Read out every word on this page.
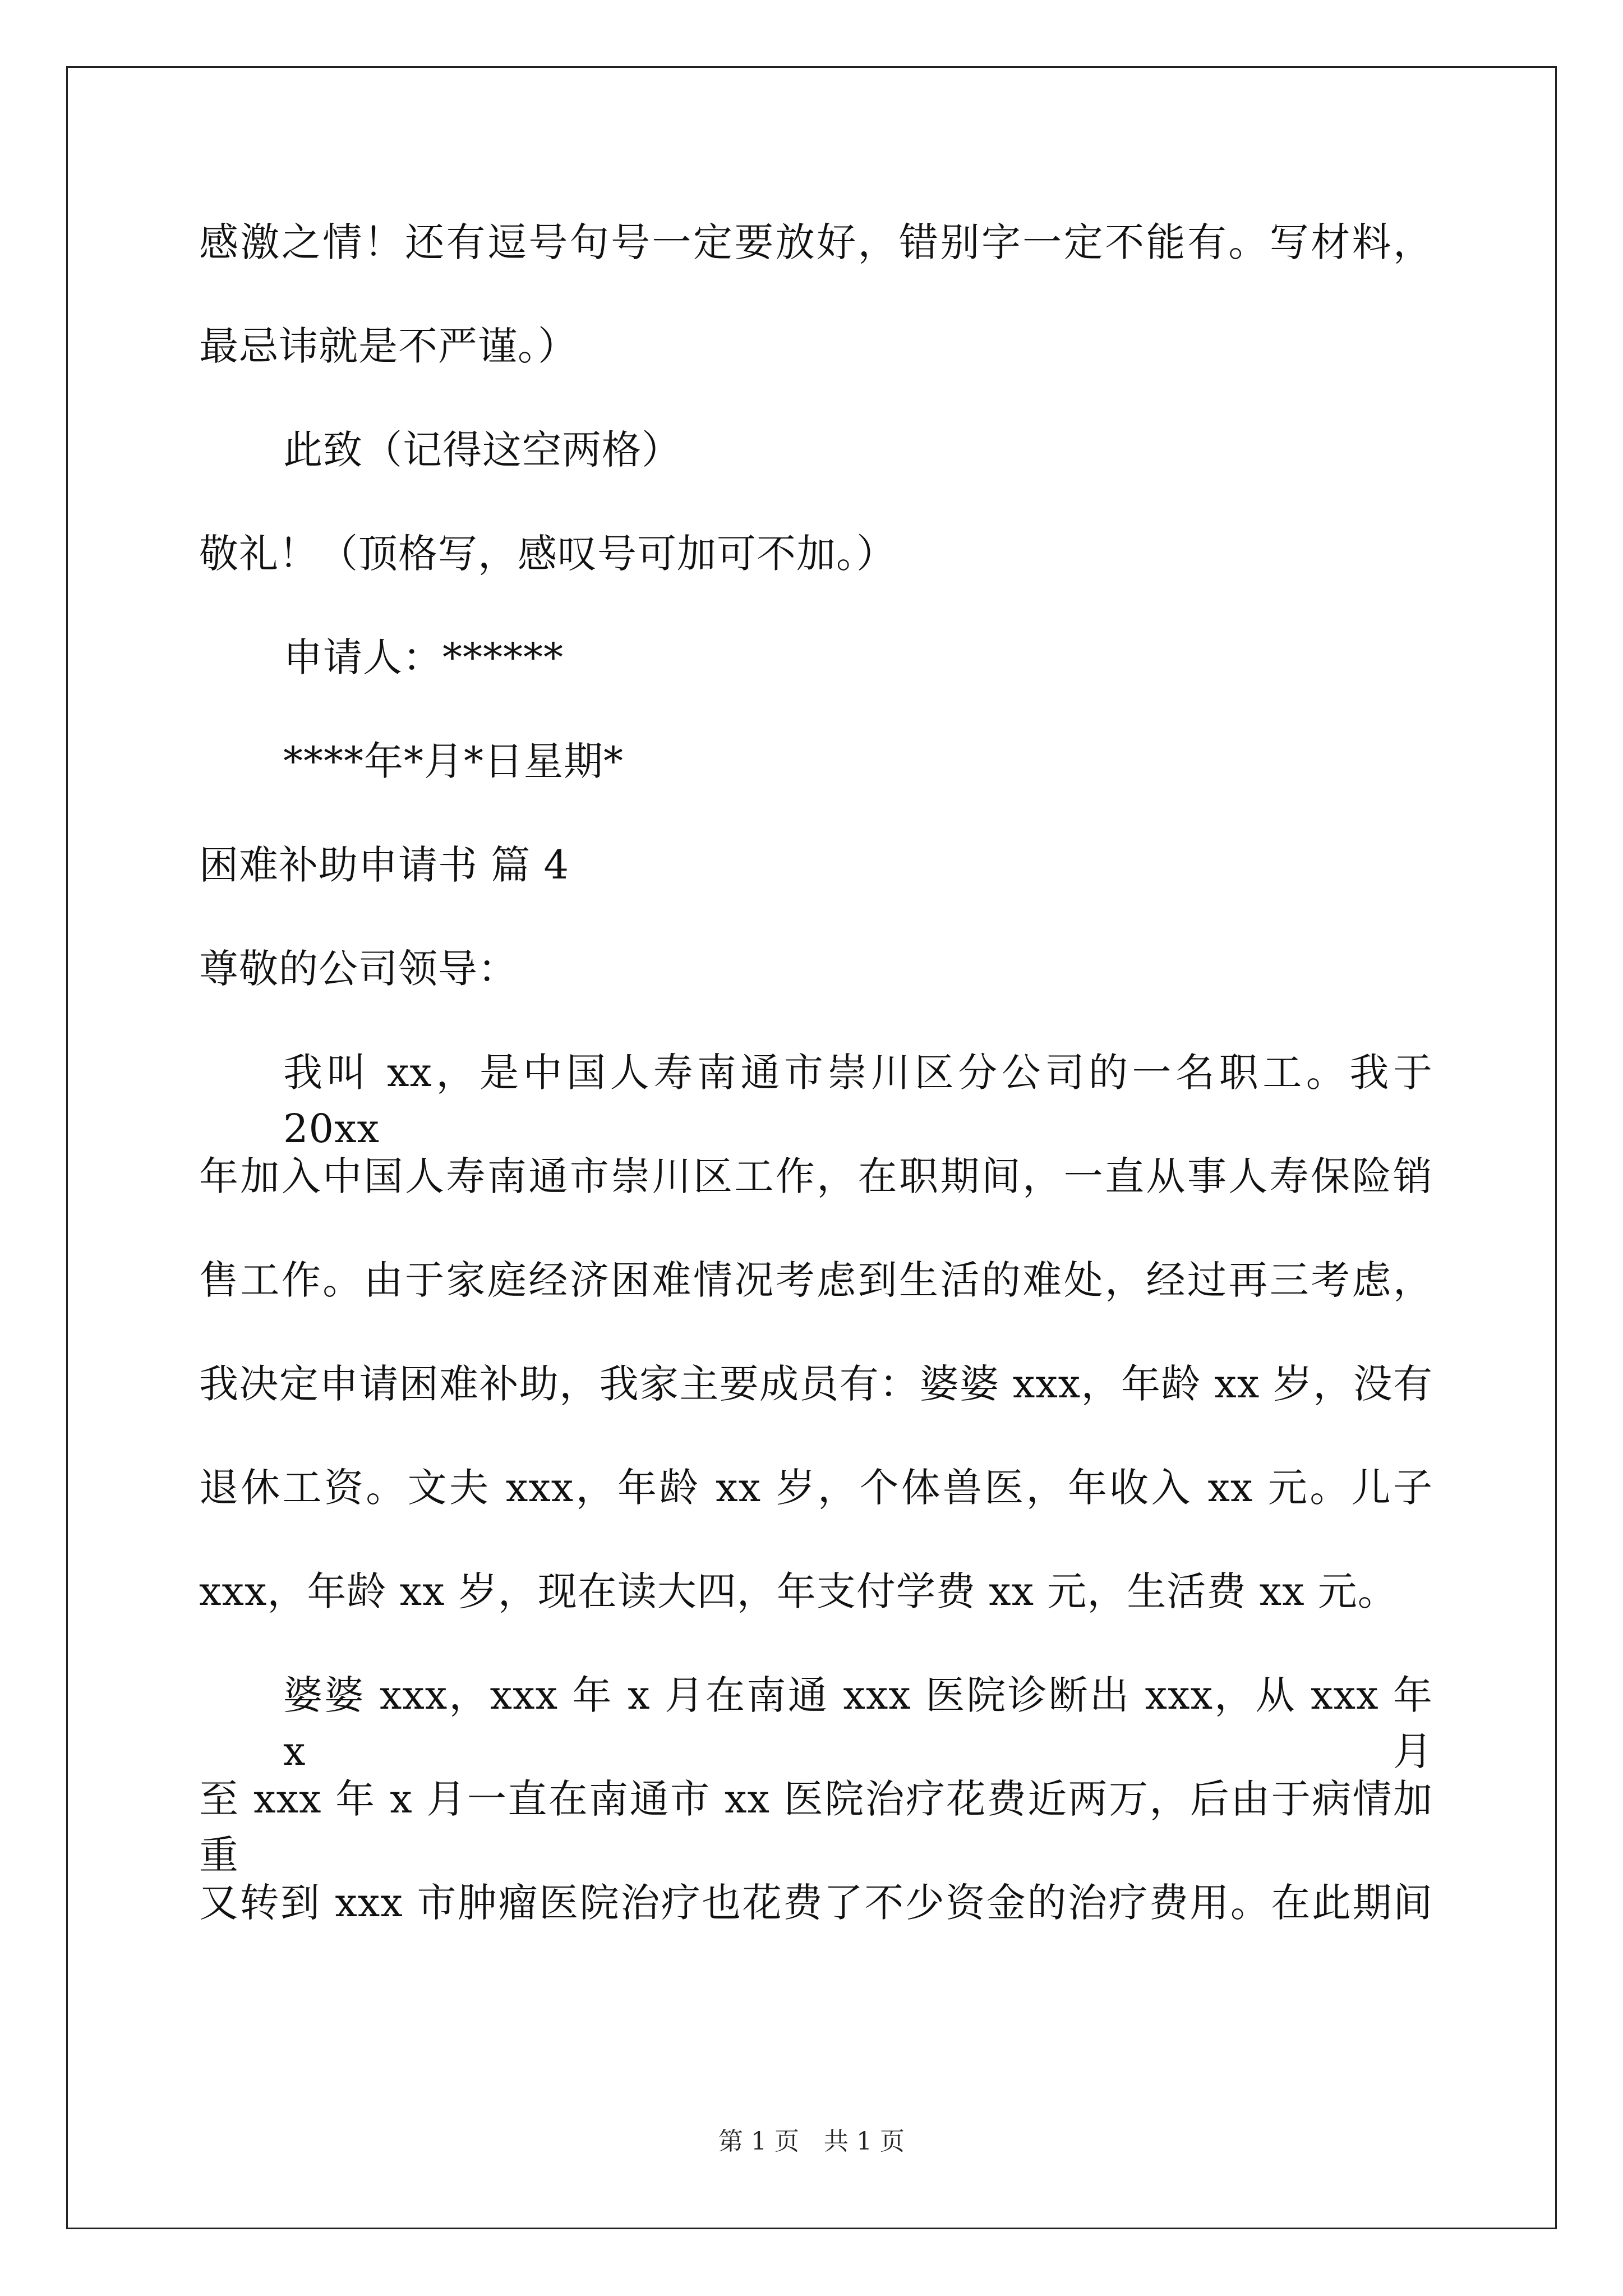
感激之情！还有逗号句号一定要放好，错别字一定不能有。写材料，
最忌讳就是不严谨。）
此致（记得这空两格）
敬礼！（顶格写，感叹号可加可不加。）
申请人：******
****年*月*日星期*
困难补助申请书 篇 4
尊敬的公司领导：
我叫 xx，是中国人寿南通市崇川区分公司的一名职工。我于 20xx
年加入中国人寿南通市崇川区工作，在职期间，一直从事人寿保险销
售工作。由于家庭经济困难情况考虑到生活的难处，经过再三考虑，
我决定申请困难补助，我家主要成员有：婆婆 xxx，年龄 xx 岁，没有
退休工资。文夫 xxx，年龄 xx 岁，个体兽医，年收入 xx 元。儿子
xxx，年龄 xx 岁，现在读大四，年支付学费 xx 元，生活费 xx 元。
婆婆 xxx，xxx 年 x 月在南通 xxx 医院诊断出 xxx，从 xxx 年 x 月
至 xxx 年 x 月一直在南通市 xx 医院治疗花费近两万，后由于病情加重
又转到 xxx 市肿瘤医院治疗也花费了不少资金的治疗费用。在此期间
第 1 页　共 1 页
